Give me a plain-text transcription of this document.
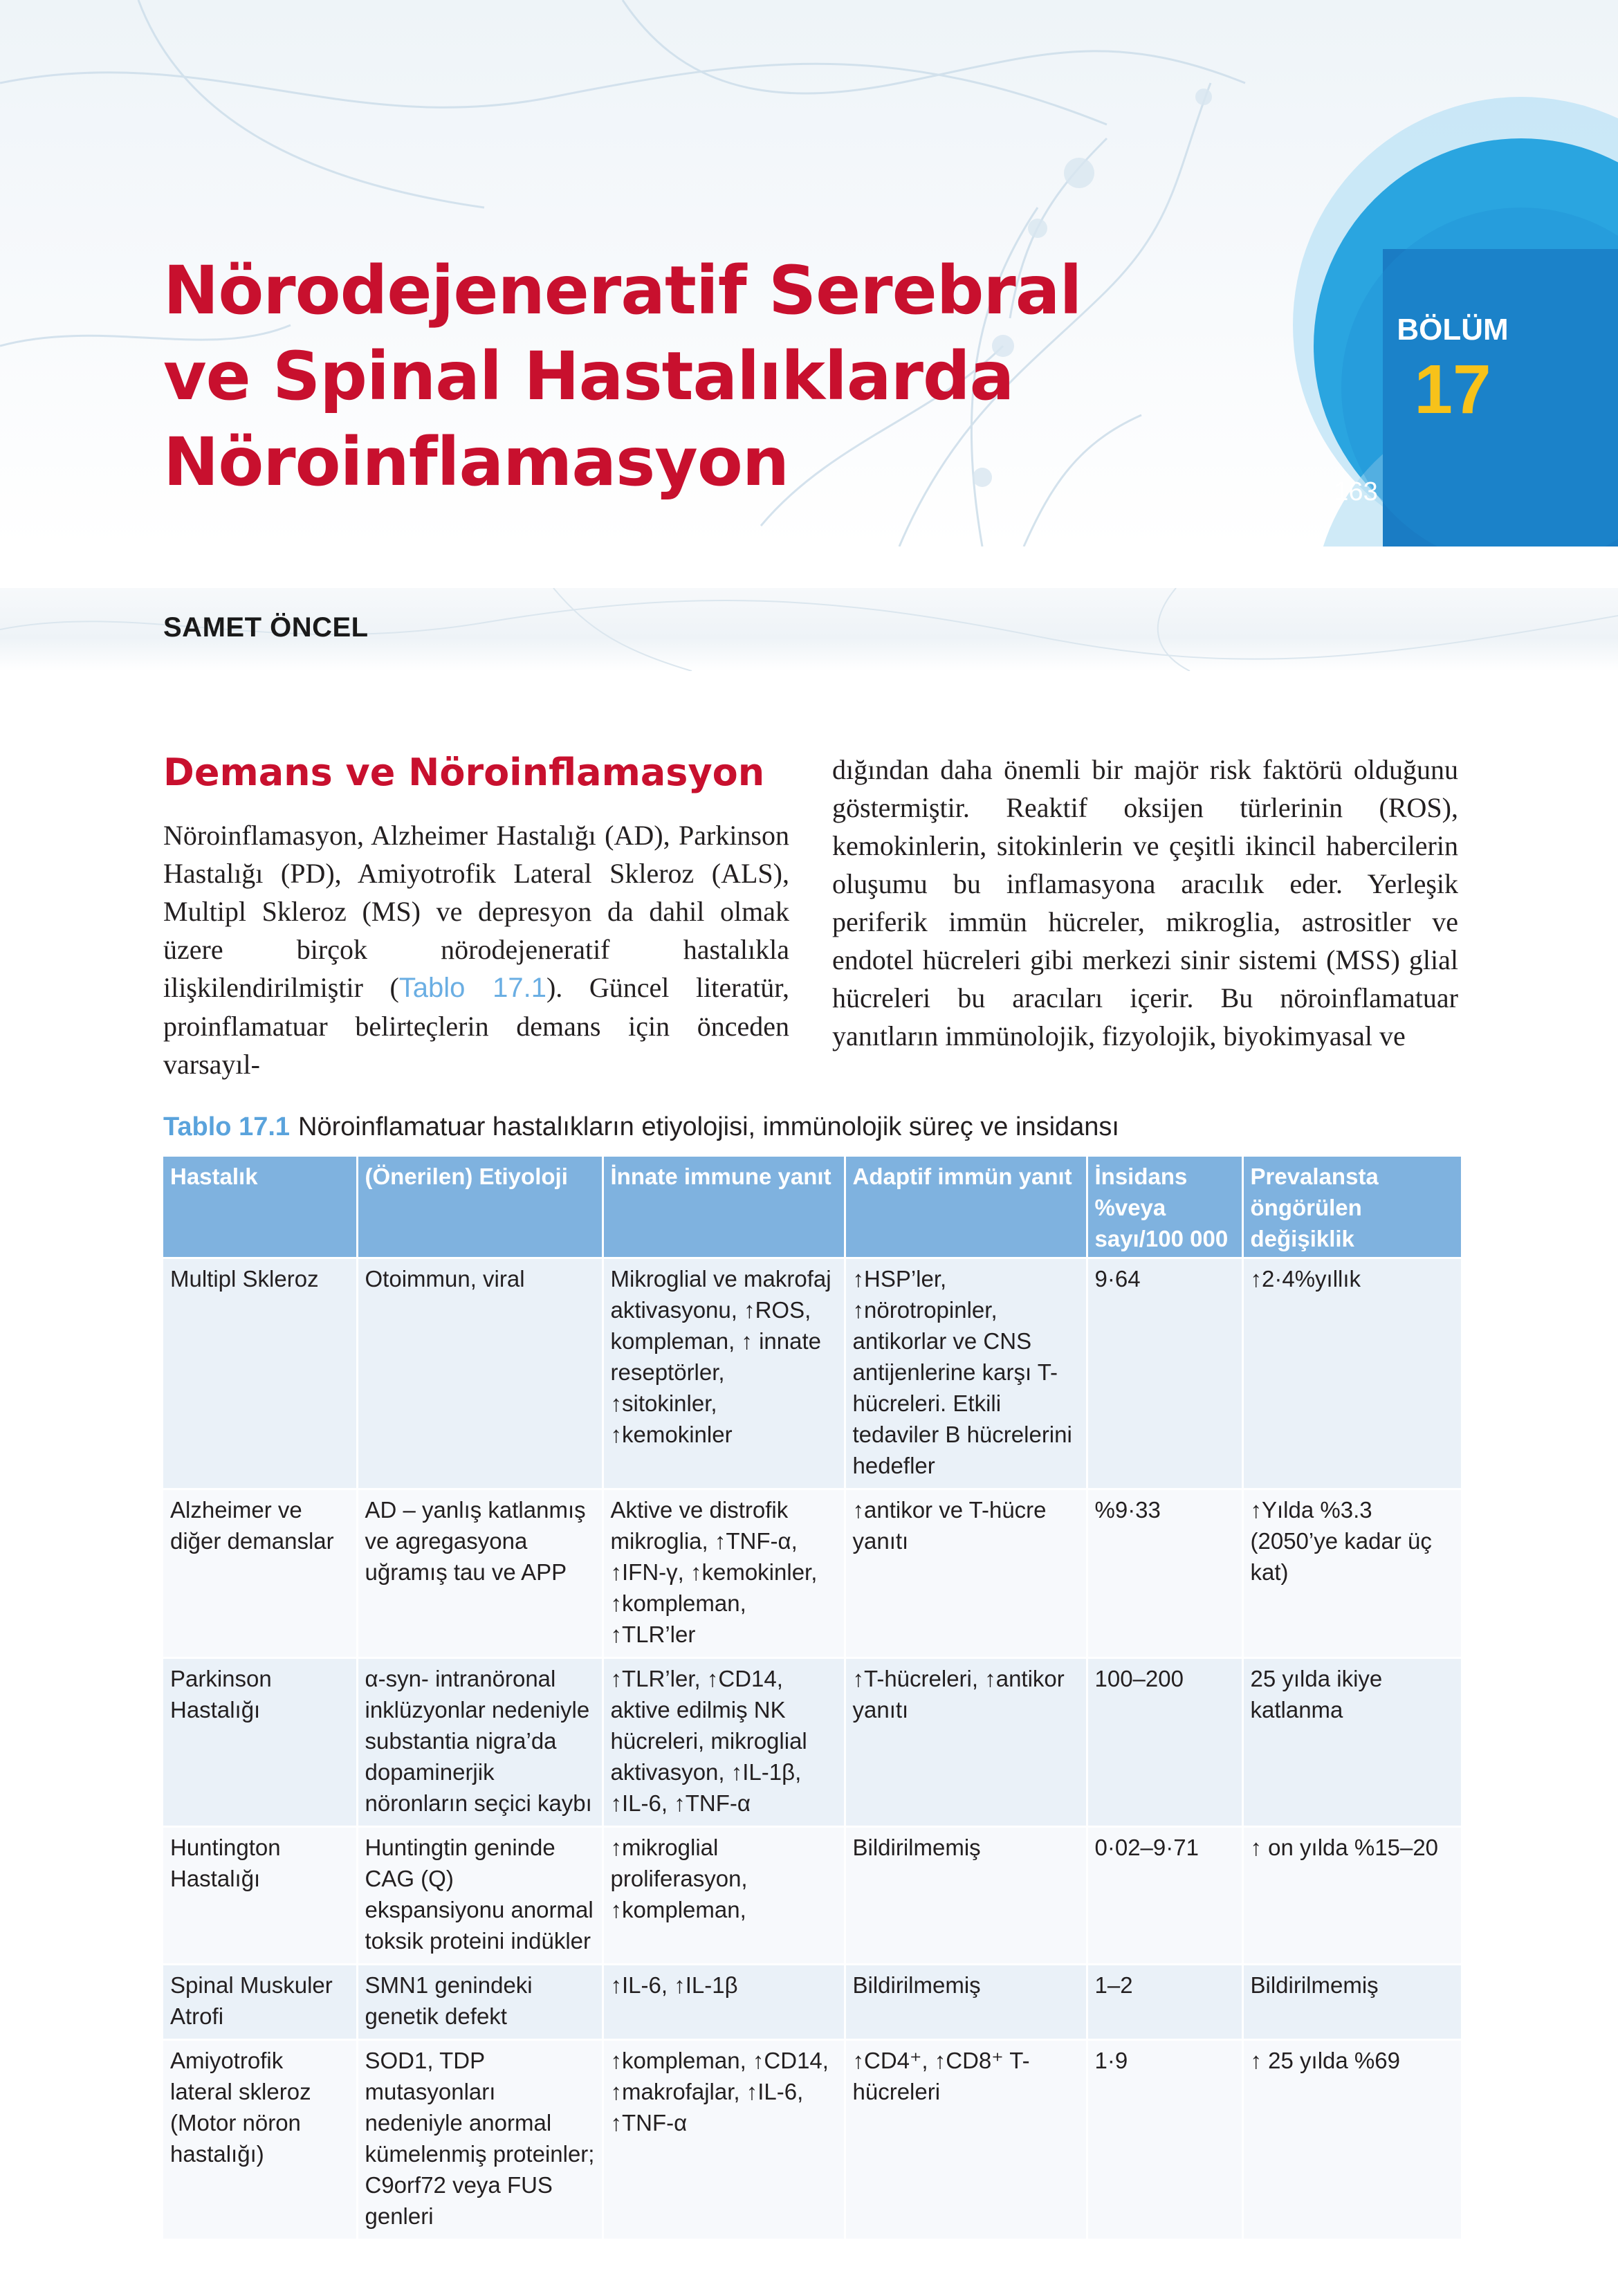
Nörodejeneratif Serebral
ve Spinal Hastalıklarda
Nöroinflamasyon
BÖLÜM
17
163
SAMET ÖNCEL
Demans ve Nöroinflamasyon

Nöroinflamasyon, Alzheimer Hastalığı (AD), Parkinson Hastalığı (PD), Amiyotrofik Lateral Skleroz (ALS), Multipl Skleroz (MS) ve depresyon da dahil olmak üzere birçok nörodejeneratif hastalıkla ilişkilendirilmiştir (Tablo 17.1). Güncel literatür, proinflamatuar belirteçlerin demans için önceden varsayıl-

dığından daha önemli bir majör risk faktörü olduğunu göstermiştir. Reaktif oksijen türlerinin (ROS), kemokinlerin, sitokinlerin ve çeşitli ikincil habercilerin oluşumu bu inflamasyona aracılık eder. Yerleşik periferik immün hücreler, mikroglia, astrositler ve endotel hücreleri gibi merkezi sinir sistemi (MSS) glial hücreleri bu aracıları içerir. Bu nöroinflamatuar yanıtların immünolojik, fizyolojik, biyokimyasal ve

Tablo 17.1 Nöroinflamatuar hastalıkların etiyolojisi, immünolojik süreç ve insidansı
Hastalık	(Önerilen) Etiyoloji	İnnate immune yanıt	Adaptif immün yanıt	İnsidans %veya sayı/100 000	Prevalansta öngörülen değişiklik
Multipl Skleroz	Otoimmun, viral	Mikroglial ve makrofaj aktivasyonu, ↑ROS, kompleman, ↑ innate reseptörler, ↑sitokinler, ↑kemokinler	↑HSP’ler, ↑nörotropinler, antikorlar ve CNS antijenlerine karşı T-hücreleri. Etkili tedaviler B hücrelerini hedefler	9·64	↑2·4%yıllık
Alzheimer ve diğer demanslar	AD – yanlış katlanmış ve agregasyona uğramış tau ve APP	Aktive ve distrofik mikroglia, ↑TNF-α, ↑IFN-γ, ↑kemokinler, ↑kompleman, ↑TLR’ler	↑antikor ve T-hücre yanıtı	%9·33	↑Yılda %3.3 (2050’ye kadar üç kat)
Parkinson Hastalığı	α-syn- intranöronal inklüzyonlar nedeniyle substantia nigra’da dopaminerjik nöronların seçici kaybı	↑TLR’ler, ↑CD14, aktive edilmiş NK hücreleri, mikroglial aktivasyon, ↑IL-1β, ↑IL-6, ↑TNF-α	↑T-hücreleri, ↑antikor yanıtı	100–200	25 yılda ikiye katlanma
Huntington Hastalığı	Huntingtin geninde CAG (Q) ekspansiyonu anormal toksik proteini indükler	↑mikroglial proliferasyon, ↑kompleman,	Bildirilmemiş	0·02–9·71	↑ on yılda %15–20
Spinal Muskuler Atrofi	SMN1 genindeki genetik defekt	↑IL-6, ↑IL-1β	Bildirilmemiş	1–2	Bildirilmemiş
Amiyotrofik lateral skleroz (Motor nöron hastalığı)	SOD1, TDP mutasyonları nedeniyle anormal kümelenmiş proteinler; C9orf72 veya FUS genleri	↑kompleman, ↑CD14, ↑makrofajlar, ↑IL-6, ↑TNF-α	↑CD4⁺, ↑CD8⁺ T-hücreleri	1·9	↑ 25 yılda %69
